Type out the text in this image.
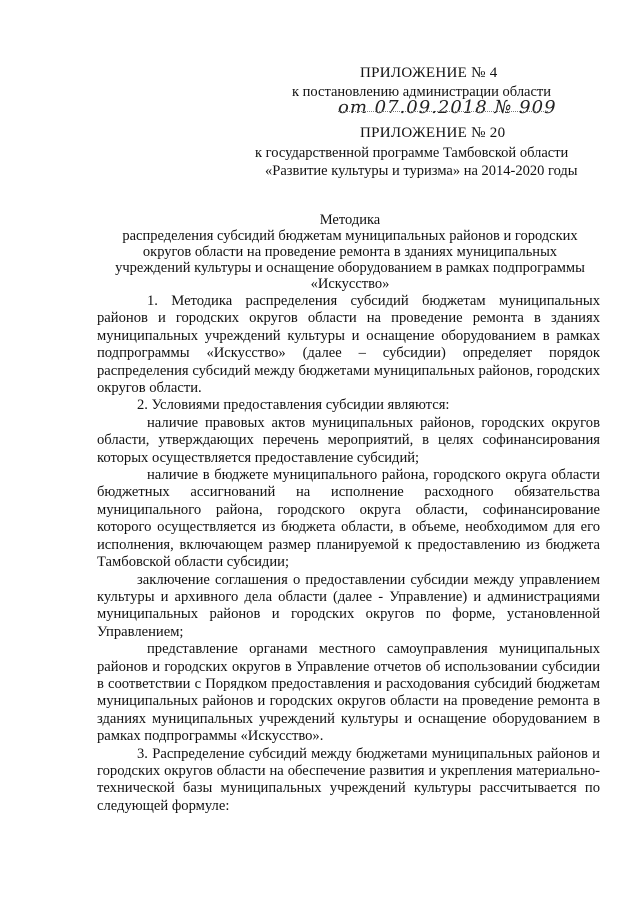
ПРИЛОЖЕНИЕ № 4
к постановлению администрации области
от 07.09.2018 № 909
ПРИЛОЖЕНИЕ № 20
к государственной программе Тамбовской области
«Развитие культуры и туризма» на 2014-2020 годы
Методика
распределения субсидий бюджетам муниципальных районов и городских
округов области на проведение ремонта в зданиях муниципальных
учреждений культуры и оснащение оборудованием в рамках подпрограммы
«Искусство»

1. Методика распределения субсидий бюджетам муниципальных районов и городских округов области на проведение ремонта в зданиях муниципальных учреждений культуры и оснащение оборудованием в рамках подпрограммы «Искусство» (далее – субсидии) определяет порядок распределения субсидий между бюджетами муниципальных районов, городских округов области.

2. Условиями предоставления субсидии являются:

наличие правовых актов муниципальных районов, городских округов области, утверждающих перечень мероприятий, в целях софинансирования которых осуществляется предоставление субсидий;

наличие в бюджете муниципального района, городского округа области бюджетных ассигнований на исполнение расходного обязательства муниципального района, городского округа области, софинансирование которого осуществляется из бюджета области, в объеме, необходимом для его исполнения, включающем размер планируемой к предоставлению из бюджета Тамбовской области субсидии;

заключение соглашения о предоставлении субсидии между управлением культуры и архивного дела области (далее - Управление) и администрациями муниципальных районов и городских округов по форме, установленной Управлением;

представление органами местного самоуправления муниципальных районов и городских округов в Управление отчетов об использовании субсидии в соответствии с Порядком предоставления и расходования субсидий бюджетам муниципальных районов и городских округов области на проведение ремонта в зданиях муниципальных учреждений культуры и оснащение оборудованием в рамках подпрограммы «Искусство».

3. Распределение субсидий между бюджетами муниципальных районов и городских округов области на обеспечение развития и укрепления материально-технической базы муниципальных учреждений культуры рассчитывается по следующей формуле:
